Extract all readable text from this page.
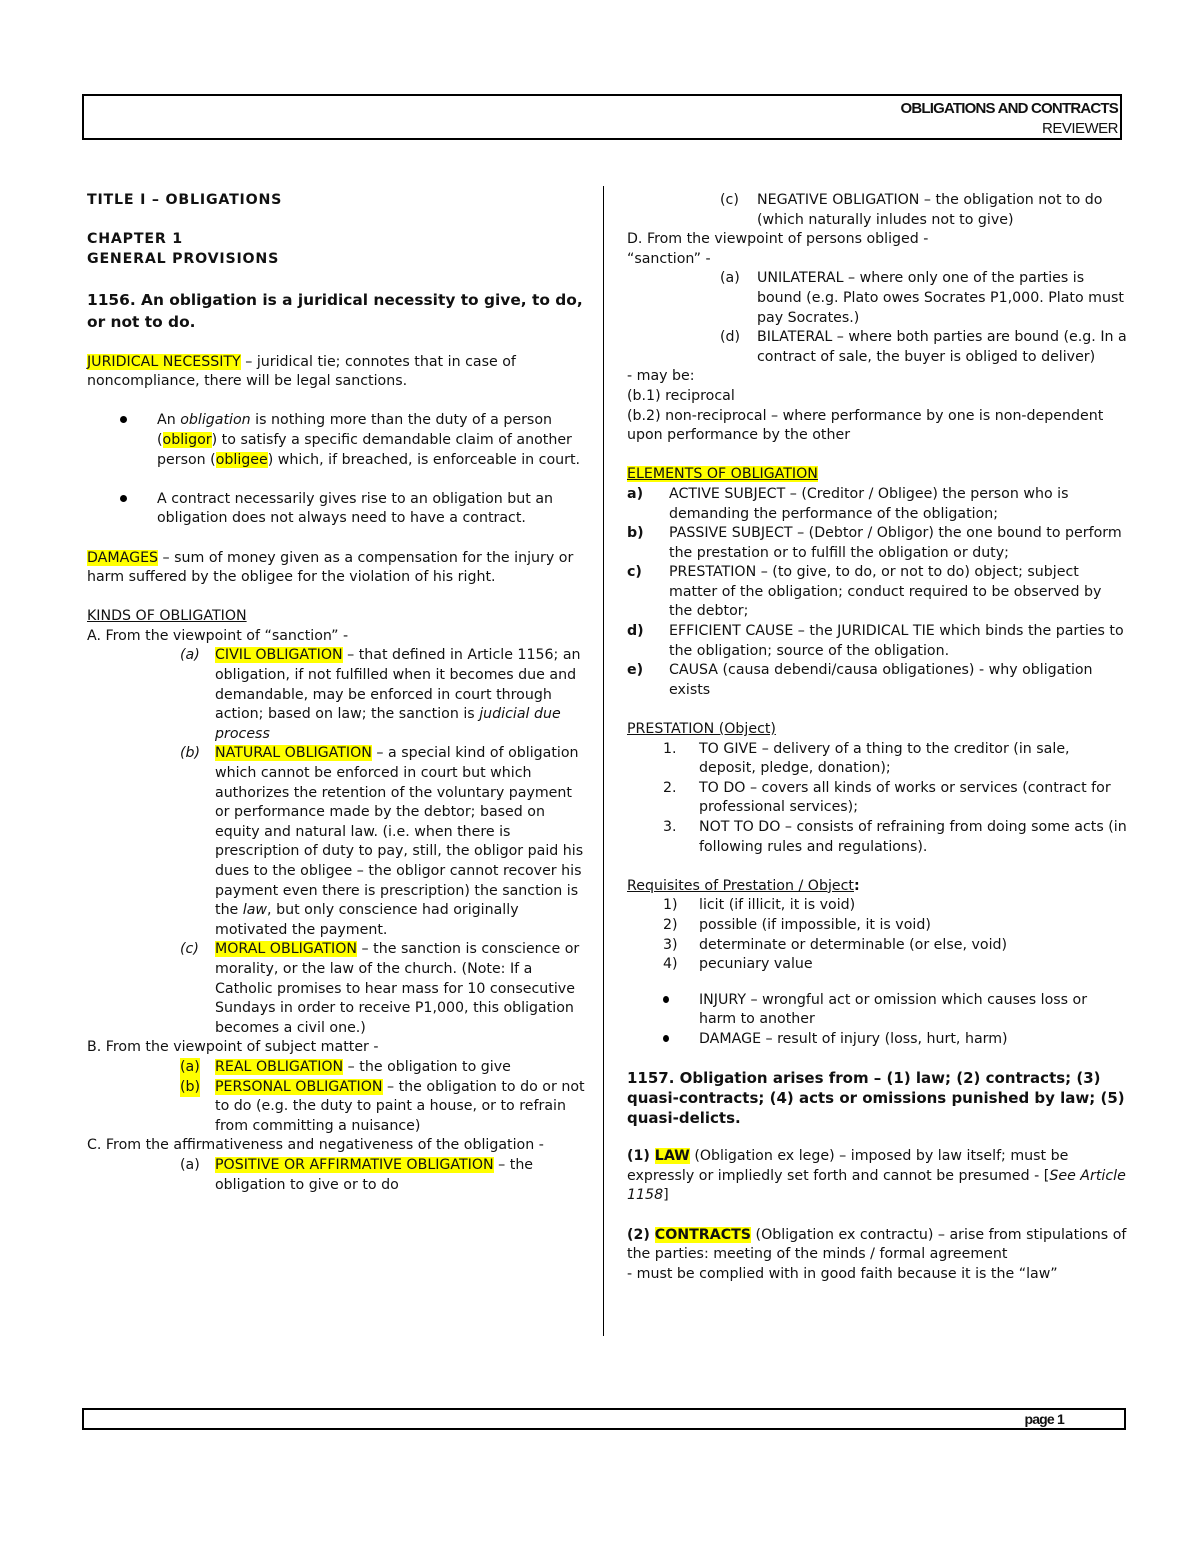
OBLIGATIONS AND CONTRACTS
REVIEWER

TITLE I – OBLIGATIONS

CHAPTER 1

GENERAL PROVISIONS

1156. An obligation is a juridical necessity to give, to do, or not to do.

JURIDICAL NECESSITY – juridical tie; connotes that in case of noncompliance, there will be legal sanctions.

An obligation is nothing more than the duty of a person (obligor) to satisfy a specific demandable claim of another person (obligee) which, if breached, is enforceable in court.

A contract necessarily gives rise to an obligation but an obligation does not always need to have a contract.

DAMAGES – sum of money given as a compensation for the injury or harm suffered by the obligee for the violation of his right.

KINDS OF OBLIGATION

A. From the viewpoint of “sanction” -

(a) CIVIL OBLIGATION – that defined in Article 1156; an obligation, if not fulfilled when it becomes due and demandable, may be enforced in court through action; based on law; the sanction is judicial due process

(b) NATURAL OBLIGATION – a special kind of obligation which cannot be enforced in court but which authorizes the retention of the voluntary payment or performance made by the debtor; based on equity and natural law. (i.e. when there is prescription of duty to pay, still, the obligor paid his dues to the obligee – the obligor cannot recover his payment even there is prescription) the sanction is the law, but only conscience had originally motivated the payment.

(c) MORAL OBLIGATION – the sanction is conscience or morality, or the law of the church. (Note: If a Catholic promises to hear mass for 10 consecutive Sundays in order to receive P1,000, this obligation becomes a civil one.)

B. From the viewpoint of subject matter -

(a) REAL OBLIGATION – the obligation to give

(b) PERSONAL OBLIGATION – the obligation to do or not to do (e.g. the duty to paint a house, or to refrain from committing a nuisance)

C. From the affirmativeness and negativeness of the obligation -

(a) POSITIVE OR AFFIRMATIVE OBLIGATION – the obligation to give or to do

(c) NEGATIVE OBLIGATION – the obligation not to do (which naturally inludes not to give)

D. From the viewpoint of persons obliged -

“sanction” -

(a) UNILATERAL – where only one of the parties is bound (e.g. Plato owes Socrates P1,000. Plato must pay Socrates.)

(d) BILATERAL – where both parties are bound (e.g. In a contract of sale, the buyer is obliged to deliver)

- may be:

(b.1) reciprocal

(b.2) non-reciprocal – where performance by one is non-dependent upon performance by the other

ELEMENTS OF OBLIGATION

a) ACTIVE SUBJECT – (Creditor / Obligee) the person who is demanding the performance of the obligation;

b) PASSIVE SUBJECT – (Debtor / Obligor) the one bound to perform the prestation or to fulfill the obligation or duty;

c) PRESTATION – (to give, to do, or not to do) object; subject matter of the obligation; conduct required to be observed by the debtor;

d) EFFICIENT CAUSE – the JURIDICAL TIE which binds the parties to the obligation; source of the obligation.

e) CAUSA (causa debendi/causa obligationes) - why obligation exists

PRESTATION (Object)

1. TO GIVE – delivery of a thing to the creditor (in sale, deposit, pledge, donation);

2. TO DO – covers all kinds of works or services (contract for professional services);

3. NOT TO DO – consists of refraining from doing some acts (in following rules and regulations).

Requisites of Prestation / Object:

1) licit (if illicit, it is void)

2) possible (if impossible, it is void)

3) determinate or determinable (or else, void)

4) pecuniary value

INJURY – wrongful act or omission which causes loss or harm to another

DAMAGE – result of injury (loss, hurt, harm)

1157. Obligation arises from – (1) law; (2) contracts; (3) quasi-contracts; (4) acts or omissions punished by law; (5) quasi-delicts.

(1) LAW (Obligation ex lege) – imposed by law itself; must be expressly or impliedly set forth and cannot be presumed - [See Article 1158]

(2) CONTRACTS (Obligation ex contractu) – arise from stipulations of the parties: meeting of the minds / formal agreement

- must be complied with in good faith because it is the “law”

page 1
